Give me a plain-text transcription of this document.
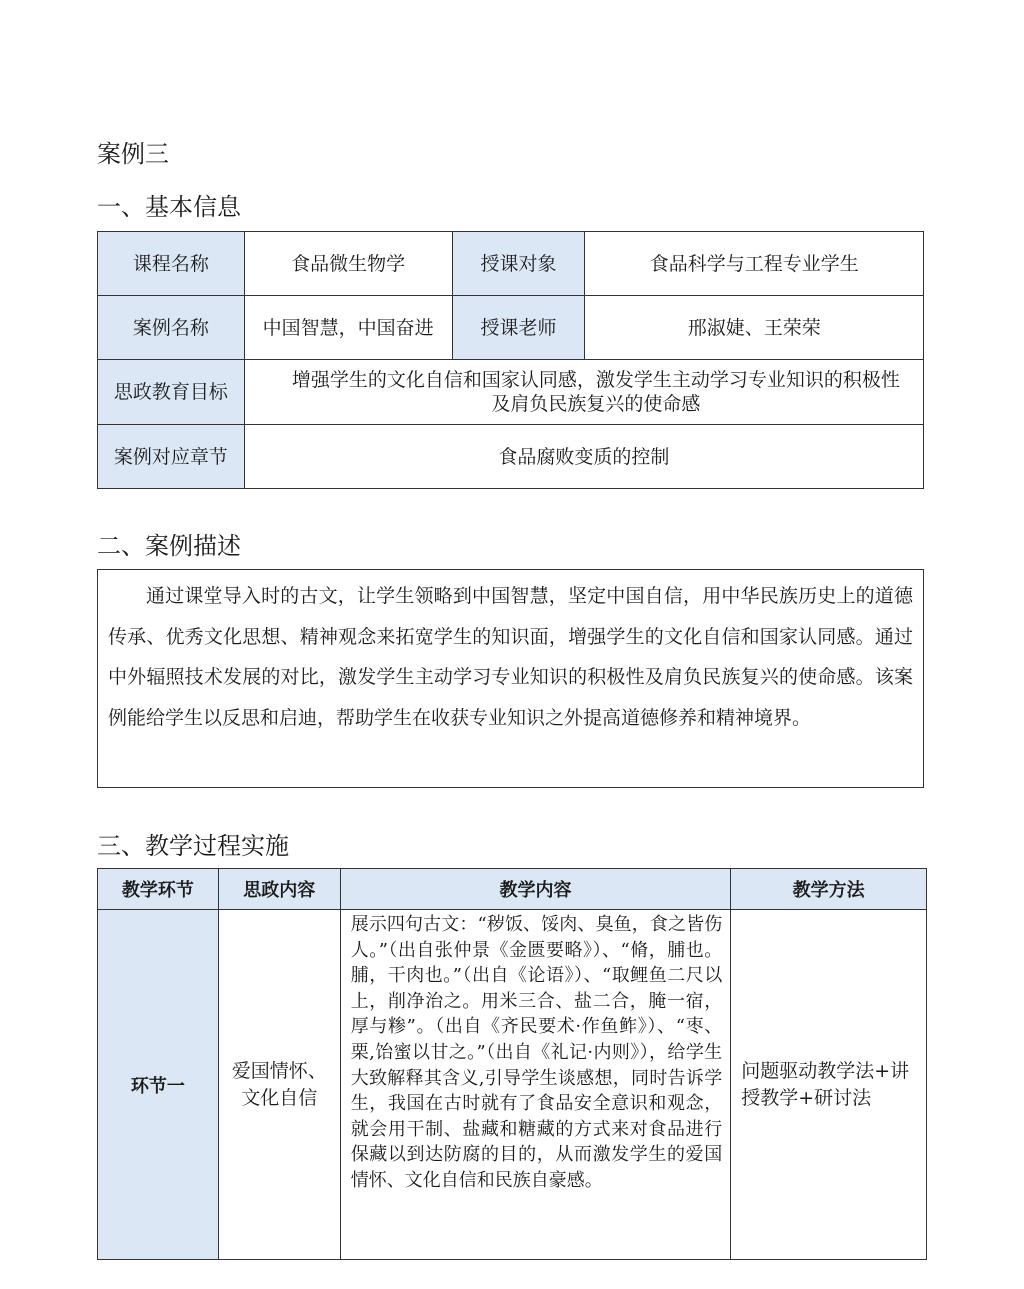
案例三
一、基本信息
课程名称	食品微生物学	授课对象	食品科学与工程专业学生
案例名称	中国智慧，中国奋进	授课老师	邢淑婕、王荣荣
思政教育目标	增强学生的文化自信和国家认同感，激发学生主动学习专业知识的积极性及肩负民族复兴的使命感		
案例对应章节	食品腐败变质的控制		
二、案例描述
通过课堂导入时的古文，让学生领略到中国智慧，坚定中国自信，用中华民族历史上的道德传承、优秀文化思想、精神观念来拓宽学生的知识面，增强学生的文化自信和国家认同感。通过中外辐照技术发展的对比，激发学生主动学习专业知识的积极性及肩负民族复兴的使命感。该案例能给学生以反思和启迪，帮助学生在收获专业知识之外提高道德修养和精神境界。
三、教学过程实施
教学环节	思政内容	教学内容	教学方法
环节一	爱国情怀、文化自信	展示四句古文：“秽饭、馁肉、臭鱼，食之皆伤人。”（出自张仲景《金匮要略》）、“脩，脯也。脯，干肉也。”（出自《论语》）、“取鲤鱼二尺以上，削净治之。用米三合、盐二合，腌一宿，厚与糁”。（出自《齐民要术·作鱼鲊》）、“枣、栗,饴蜜以甘之。”（出自《礼记·内则》），给学生大致解释其含义,引导学生谈感想，同时告诉学生，我国在古时就有了食品安全意识和观念，就会用干制、盐藏和糖藏的方式来对食品进行保藏以到达防腐的目的，从而激发学生的爱国情怀、文化自信和民族自豪感。	问题驱动教学法+讲授教学+研讨法
